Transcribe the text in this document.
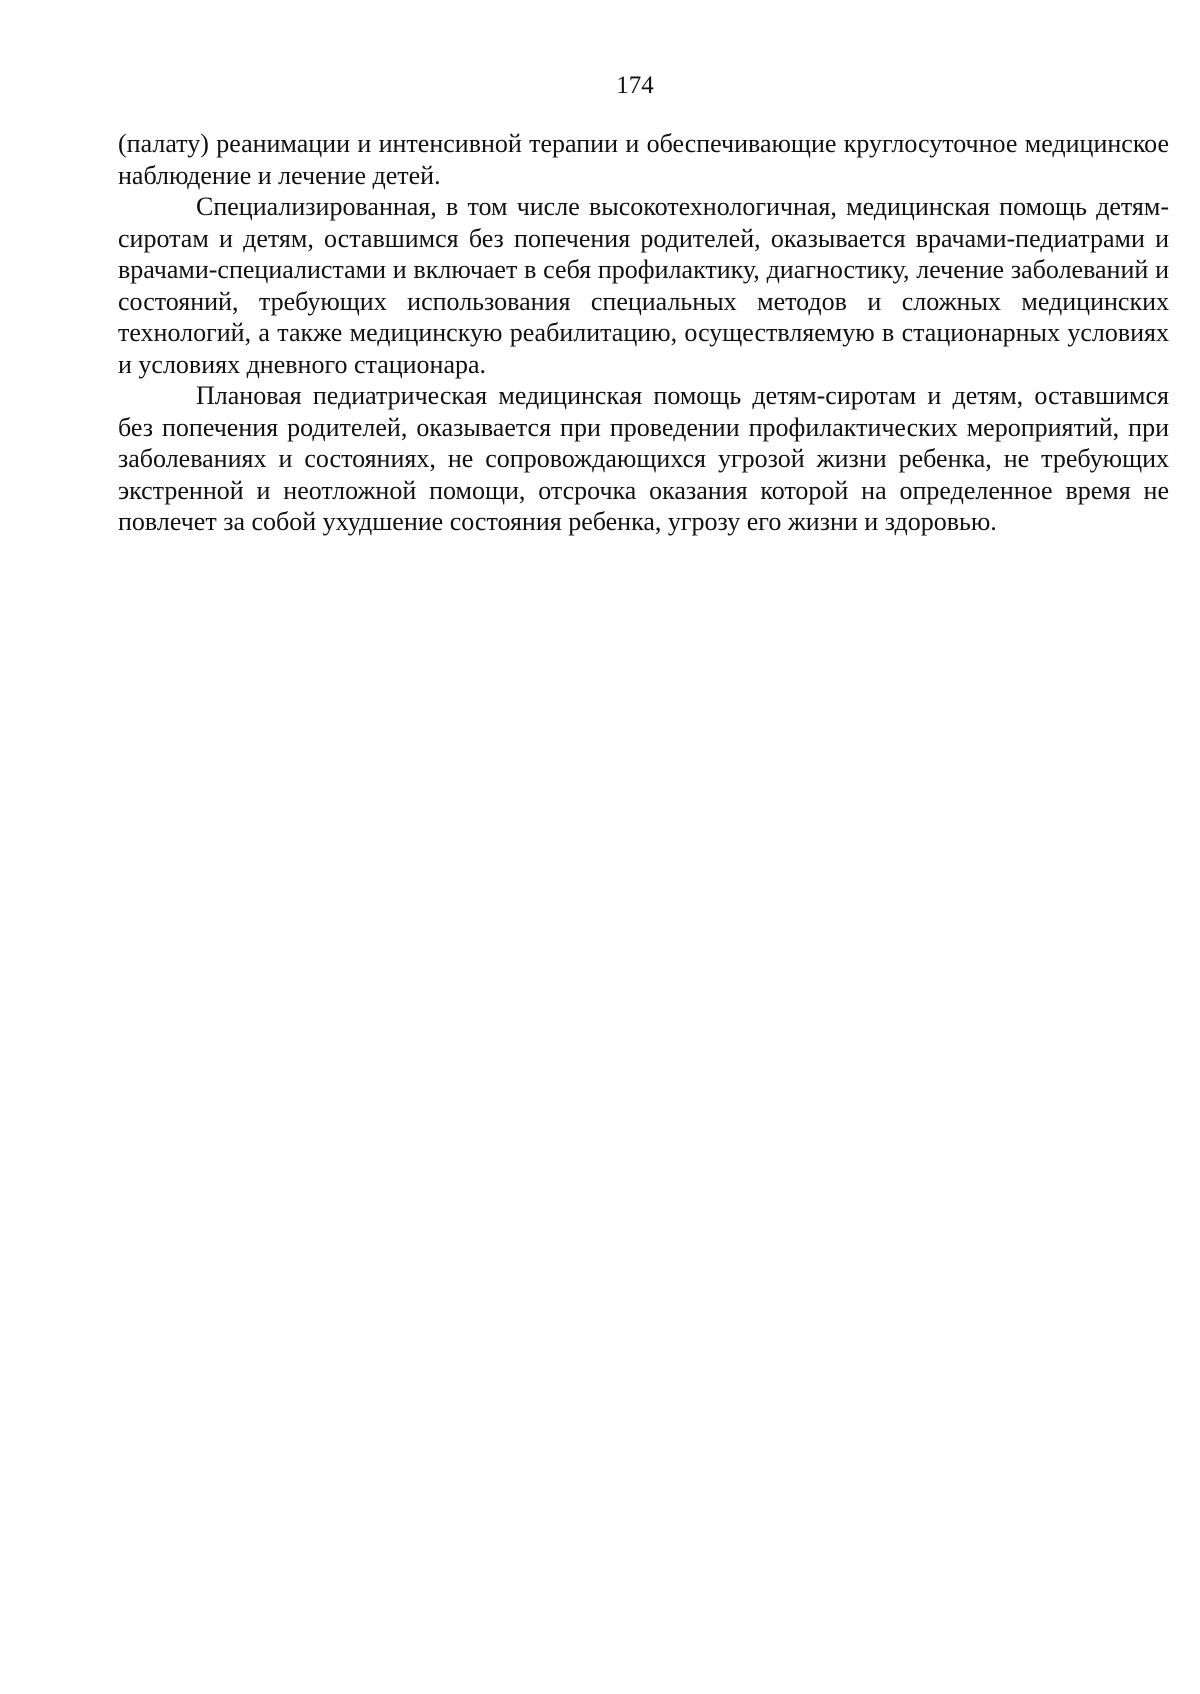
174

(палату) реанимации и интенсивной терапии и обеспечивающие круглосуточное медицинское наблюдение и лечение детей.

Специализированная, в том числе высокотехнологичная, медицинская помощь детям-сиротам и детям, оставшимся без попечения родителей, оказывается врачами-педиатрами и врачами-специалистами и включает в себя профилактику, диагностику, лечение заболеваний и состояний, требующих использования специальных методов и сложных медицинских технологий, а также медицинскую реабилитацию, осуществляемую в стационарных условиях и условиях дневного стационара.

Плановая педиатрическая медицинская помощь детям-сиротам и детям, оставшимся без попечения родителей, оказывается при проведении профилактических мероприятий, при заболеваниях и состояниях, не сопровождающихся угрозой жизни ребенка, не требующих экстренной и неотложной помощи, отсрочка оказания которой на определенное время не повлечет за собой ухудшение состояния ребенка, угрозу его жизни и здоровью.
